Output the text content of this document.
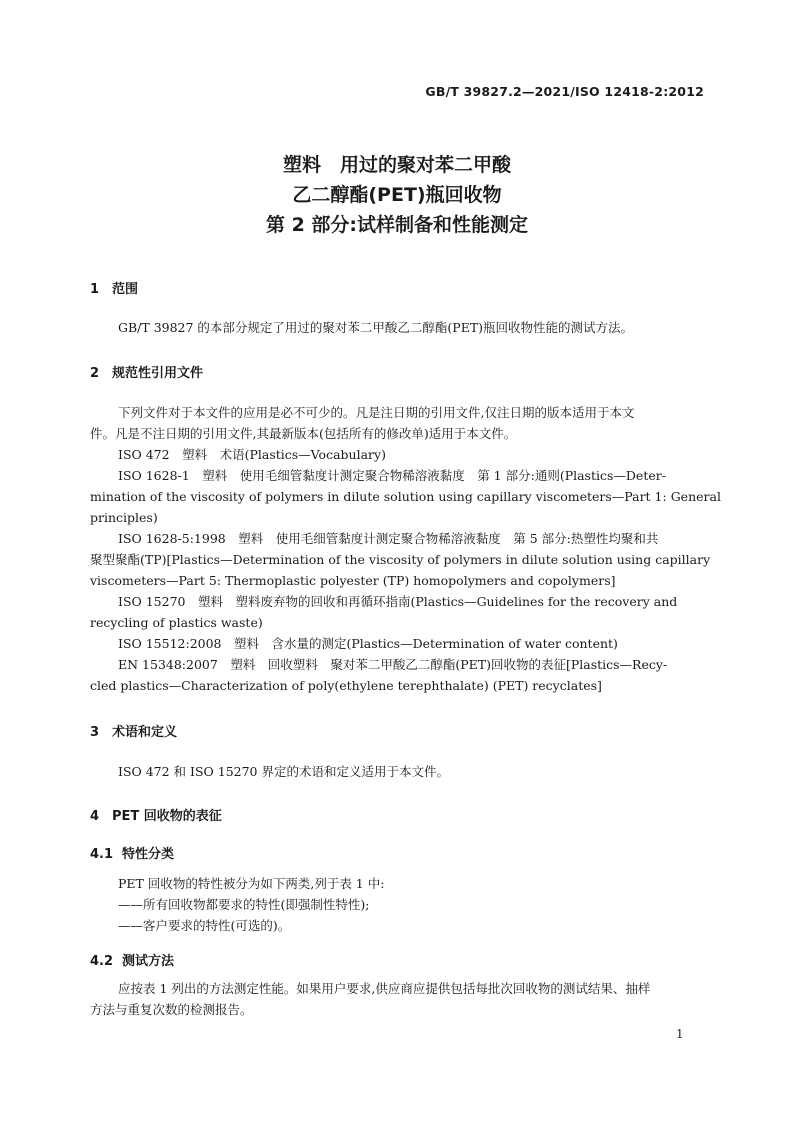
GB/T 39827.2—2021/ISO 12418-2:2012
塑料　用过的聚对苯二甲酸
乙二醇酯(PET)瓶回收物
第 2 部分:试样制备和性能测定
1 范围
GB/T 39827 的本部分规定了用过的聚对苯二甲酸乙二醇酯(PET)瓶回收物性能的测试方法。
2 规范性引用文件
下列文件对于本文件的应用是必不可少的。凡是注日期的引用文件,仅注日期的版本适用于本文
件。凡是不注日期的引用文件,其最新版本(包括所有的修改单)适用于本文件。
ISO 472　塑料　术语(Plastics—Vocabulary)
ISO 1628-1　塑料　使用毛细管黏度计测定聚合物稀溶液黏度　第 1 部分:通则(Plastics—Deter-
mination of the viscosity of polymers in dilute solution using capillary viscometers—Part 1: General
principles)
ISO 1628-5:1998　塑料　使用毛细管黏度计测定聚合物稀溶液黏度　第 5 部分:热塑性均聚和共
聚型聚酯(TP)[Plastics—Determination of the viscosity of polymers in dilute solution using capillary
viscometers—Part 5: Thermoplastic polyester (TP) homopolymers and copolymers]
ISO 15270　塑料　塑料废弃物的回收和再循环指南(Plastics—Guidelines for the recovery and
recycling of plastics waste)
ISO 15512:2008　塑料　含水量的测定(Plastics—Determination of water content)
EN 15348:2007　塑料　回收塑料　聚对苯二甲酸乙二醇酯(PET)回收物的表征[Plastics—Recy-
cled plastics—Characterization of poly(ethylene terephthalate) (PET) recyclates]
3 术语和定义
ISO 472 和 ISO 15270 界定的术语和定义适用于本文件。
4 PET 回收物的表征
4.1 特性分类
PET 回收物的特性被分为如下两类,列于表 1 中:
——所有回收物都要求的特性(即强制性特性);
——客户要求的特性(可选的)。
4.2 测试方法
应按表 1 列出的方法测定性能。如果用户要求,供应商应提供包括每批次回收物的测试结果、抽样
方法与重复次数的检测报告。
1
